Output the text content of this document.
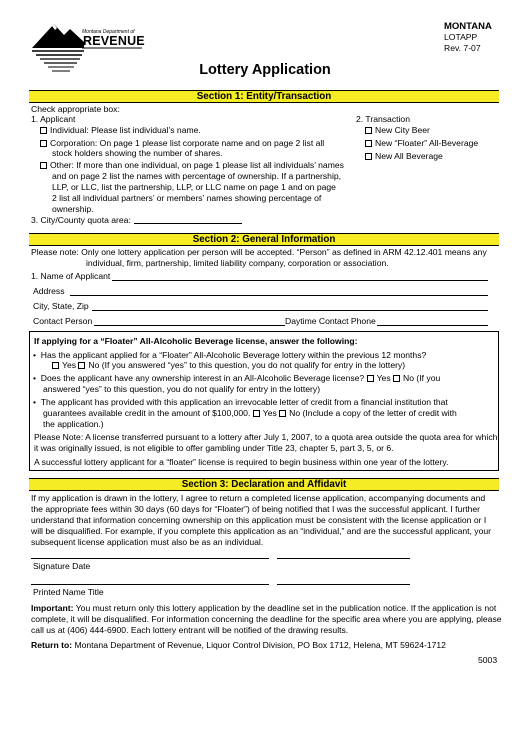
Montana Department of
REVENUE
MONTANA
LOTAPP
Rev. 7-07
Lottery Application
Section 1: Entity/Transaction

Check appropriate box:

1. Applicant

Individual: Please list individual’s name.

Corporation: On page 1 please list corporate name and on page 2 list all

stock holders showing the number of shares.

Other: If more than one individual, on page 1 please list all individuals’ names

and on page 2 list the names with percentage of ownership. If a partnership,

LLP, or LLC, list the partnership, LLP, or LLC name on page 1 and on page

2 list all individual partners’ or members’ names showing percentage of

ownership.

3. City/County quota area:

2. Transaction

New City Beer

New “Floater” All-Beverage

New All Beverage

Section 2: General Information

Please note: Only one lottery application per person will be accepted. “Person” as defined in ARM 42.12.401 means any

individual, firm, partnership, limited liability company, corporation or association.

1. Name of Applicant

Address

City, State, Zip

Contact Person	Daytime Contact Phone

If applying for a “Floater” All-Alcoholic Beverage license, answer the following:

•  Has the applicant applied for a “Floater” All-Alcoholic Beverage lottery within the previous 12 months?

Yes No (If you answered “yes” to this question, you do not qualify for entry in the lottery)

•  Does the applicant have any ownership interest in an All-Alcoholic Beverage license? Yes No (If you

answered “yes” to this question, you do not qualify for entry in the lottery)

•  The applicant has provided with this application an irrevocable letter of credit from a financial institution that

guarantees available credit in the amount of $100,000. Yes No (Include a copy of the letter of credit with

the application.)

Please Note: A license transferred pursuant to a lottery after July 1, 2007, to a quota area outside the quota area for which

it was originally issued, is not eligible to offer gambling under Title 23, chapter 5, part 3, 5, or 6.

A successful lottery applicant for a “floater” license is required to begin business within one year of the lottery.

Section 3: Declaration and Affidavit

If my application is drawn in the lottery, I agree to return a completed license application, accompanying documents and

the appropriate fees within 30 days (60 days for “Floater”) of being notified that I was the successful applicant. I further

understand that information concerning ownership on this application must be consistent with the license application or I

will be disqualified. For example, if you complete this application as an “individual,” and are the successful applicant, your

subsequent license application must also be as an individual.

Signature Date

Printed Name Title

Important: You must return only this lottery application by the deadline set in the publication notice. If the application is not

complete, it will be disqualified. For information concerning the deadline for the specific area where you are applying, please

call us at (406) 444-6900. Each lottery entrant will be notified of the drawing results.

Return to: Montana Department of Revenue, Liquor Control Division, PO Box 1712, Helena, MT 59624-1712

5003
